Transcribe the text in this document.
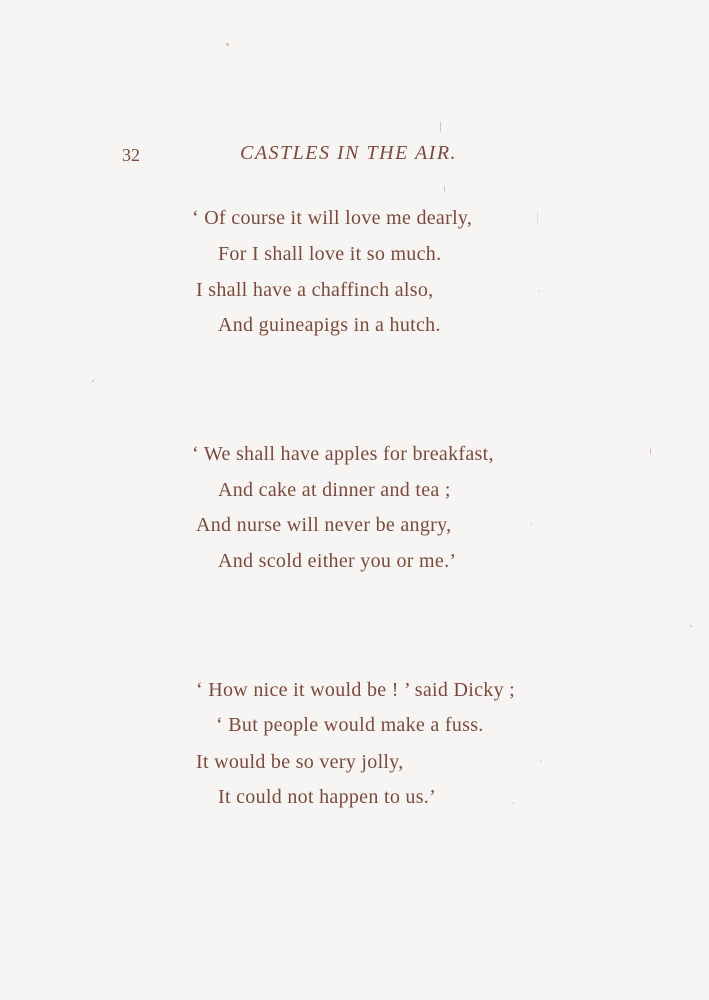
32	CASTLES IN THE AIR.
‘ Of course it will love me dearly,
For I shall love it so much.
I shall have a chaffinch also,
And guineapigs in a hutch.
‘ We shall have apples for breakfast,
And cake at dinner and tea ;
And nurse will never be angry,
And scold either you or me.’
‘ How nice it would be ! ’ said Dicky ;
‘ But people would make a fuss.
It would be so very jolly,
It could not happen to us.’
